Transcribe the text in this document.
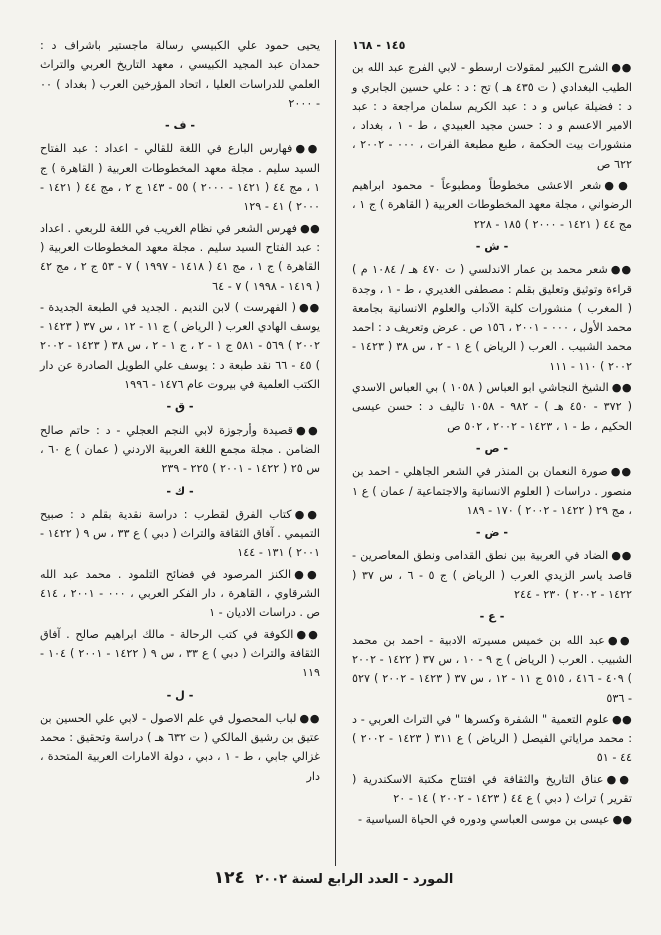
١٤٥ - ١٦٨
●●الشرح الكبير لمقولات ارسطو - لابي الفرج عبد الله بن الطيب البغدادي ( ت ٤٣٥ هـ ) تح : د : علي حسين الجابري و د : فضيلة عباس و د : عبد الكريم سلمان مراجعة د : عبد الامير الاعسم و د : حسن مجيد العبيدي ، ط - ١ ، بغداد ، منشورات بيت الحكمة ، طبع مطبعة الفرات ، ٠٠٠ - ٢٠٠٢ ، ٦٢٢ ص
●●شعر الاعشى مخطوطاً ومطبوعاً - محمود ابراهيم الرضواني ، مجلة معهد المخطوطات العربية ( القاهرة ) ج ١ ، مج ٤٤ ( ١٤٢١ - ٢٠٠٠ ) ١٨٥ - ٢٢٨
- ش -
●●شعر محمد بن عمار الاندلسي ( ت ٤٧٠ هـ / ١٠٨٤ م ) قراءة وتوثيق وتعليق بقلم : مصطفى الغديري ، ط - ١ ، وجدة ( المغرب ) منشورات كلية الآداب والعلوم الانسانية بجامعة محمد الأول ، ٠٠٠ - ٢٠٠١ ، ١٥٦ ص . عرض وتعريف د : احمد محمد الشبيب . العرب ( الرياض ) ع ١ - ٢ ، س ٣٨ ( ١٤٢٣ - ٢٠٠٢ ) ١١٠ - ١١١
●●الشيخ النجاشي ابو العباس ( ١٠٥٨ ) بي العباس الاسدي ( ٣٧٢ - ٤٥٠ هـ ) - ٩٨٢ - ١٠٥٨ تاليف د : حسن عيسى الحكيم ، ط - ١ ، ١٤٢٣ - ٢٠٠٢ ، ٥٠٢ ص
- ص -
●●صورة النعمان بن المنذر في الشعر الجاهلي - احمد بن منصور . دراسات ( العلوم الانسانية والاجتماعية / عمان ) ع ١ ، مج ٢٩ ( ١٤٢٢ - ٢٠٠٢ ) ١٧٠ - ١٨٩
- ض -
●●الضاد في العربية بين نطق القدامى ونطق المعاصرين - قاصد ياسر الزيدي العرب ( الرياض ) ج ٥ - ٦ ، س ٣٧ ( ١٤٢٢ - ٢٠٠٢ ) ٢٣٠ - ٢٤٤
- ع -
●●عبد الله بن خميس مسيرته الادبية - احمد بن محمد الشبيب . العرب ( الرياض ) ج ٩ - ١٠ ، س ٣٧ ( ١٤٢٢ - ٢٠٠٢ ) ٤٠٩ - ٤١٦ ، ٥١٥ ج ١١ - ١٢ ، س ٣٧ ( ١٤٢٣ - ٢٠٠٢ ) ٥٢٧ - ٥٣٦
●●علوم التعمية " الشفرة وكسرها " في التراث العربي - د : محمد مراياتي الفيصل ( الرياض ) ع ٣١١ ( ١٤٢٣ - ٢٠٠٢ ) ٤٤ - ٥١
●●عناق التاريخ والثقافة في افتتاح مكتبة الاسكندرية ( تقرير ) تراث ( دبي ) ع ٤٤ ( ١٤٢٣ - ٢٠٠٢ ) ١٤ - ٢٠
●●عيسى بن موسى العباسي ودوره في الحياة السياسية -
يحيى حمود علي الكبيسي رسالة ماجستير باشراف د : حمدان عبد المجيد الكبيسي ، معهد التاريخ العربي والتراث العلمي للدراسات العليا ، اتحاد المؤرخين العرب ( بغداد ) ٠٠ - ٢٠٠٠
- ف -
●●فهارس البارع في اللغة للقالي - اعداد : عبد الفتاح السيد سليم . مجلة معهد المخطوطات العربية ( القاهرة ) ج ١ ، مج ٤٤ ( ١٤٢١ - ٢٠٠٠ ) ٥٥ - ١٤٣ ج ٢ ، مج ٤٤ ( ١٤٢١ - ٢٠٠٠ ) ٤١ - ١٢٩
●●فهرس الشعر في نظام الغريب في اللغة للربعي . اعداد : عبد الفتاح السيد سليم . مجلة معهد المخطوطات العربية ( القاهرة ) ج ١ ، مج ٤١ ( ١٤١٨ - ١٩٩٧ ) ٧ - ٥٣ ج ٢ ، مج ٤٢ ( ١٤١٩ - ١٩٩٨ ) ٧ - ٦٤
●●( الفهرست ) لابن النديم . الجديد في الطبعة الجديدة - يوسف الهادي العرب ( الرياض ) ج ١١ - ١٢ ، س ٣٧ ( ١٤٢٣ - ٢٠٠٢ ) ٥٦٩ - ٥٨١ ج ١ - ٢ ، ج ١ - ٢ ، س ٣٨ ( ١٤٢٣ - ٢٠٠٢ ) ٤٥ - ٦٦ نقد طبعة د : يوسف علي الطويل الصادرة عن دار الكتب العلمية في بيروت عام ١٤٧٦ - ١٩٩٦
- ق -
●●قصيدة وأرجوزة لابي النجم العجلي - د : حاتم صالح الضامن . مجلة مجمع اللغة العربية الاردني ( عمان ) ع ٦٠ ، س ٢٥ ( ١٤٢٢ - ٢٠٠١ ) ٢٢٥ - ٢٣٩
- ك -
●●كتاب الفرق لقطرب : دراسة نقدية بقلم د : صبيح التميمي . آفاق الثقافة والتراث ( دبي ) ع ٣٣ ، س ٩ ( ١٤٢٢ - ٢٠٠١ ) ١٣١ - ١٤٤
●●الكنز المرصود في فضائح التلمود . محمد عبد الله الشرقاوي ، القاهرة ، دار الفكر العربي ، ٠٠٠ - ٢٠٠١ ، ٤١٤ ص . دراسات الاديان - ١
●●الكوفة في كتب الرحالة - مالك ابراهيم صالح . آفاق الثقافة والتراث ( دبي ) ع ٣٣ ، س ٩ ( ١٤٢٢ - ٢٠٠١ ) ١٠٤ - ١١٩
- ل -
●●لباب المحصول في علم الاصول - لابي علي الحسين بن عتيق بن رشيق المالكي ( ت ٦٣٢ هـ ) دراسة وتحقيق : محمد غزالي جابي ، ط - ١ ، دبي ، دولة الامارات العربية المتحدة ، دار
المورد - العدد الرابع لسنة ٢٠٠٢ ١٢٤
